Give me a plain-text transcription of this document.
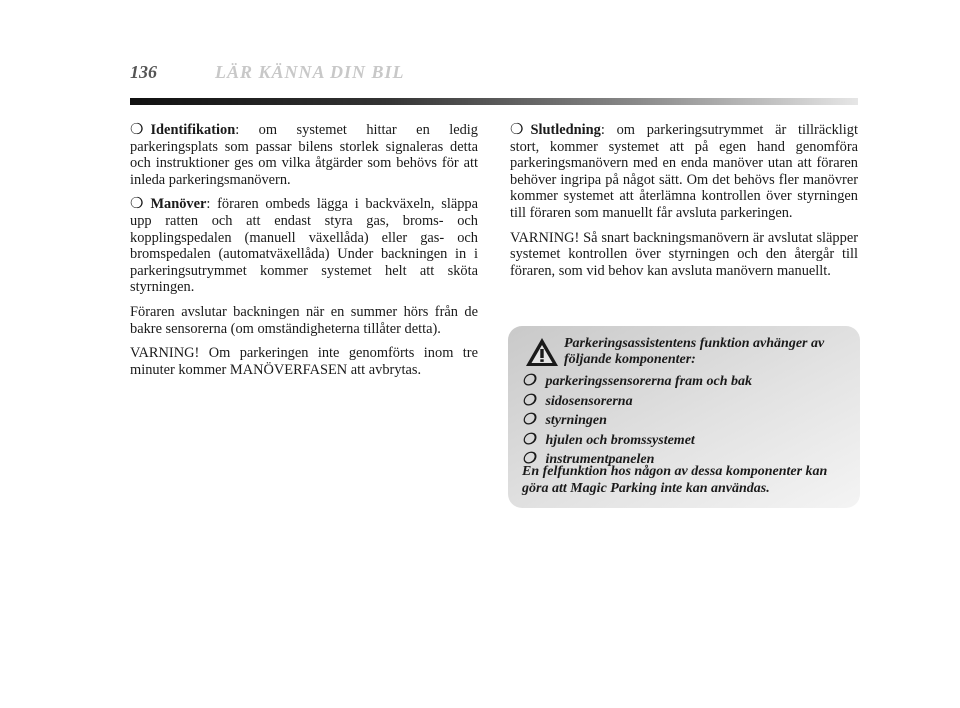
136	LÄR KÄNNA DIN BIL

❍ Identifikation: om systemet hittar en ledig parkeringsplats som passar bilens storlek signaleras detta och instruktioner ges om vilka åtgärder som behövs för att inleda parkeringsmanövern.

❍ Manöver: föraren ombeds lägga i backväxeln, släppa upp ratten och att endast styra gas, broms- och kopplingspedalen (manuell växellåda) eller gas- och bromspedalen (automatväxellåda) Under backningen in i parkeringsutrymmet kommer systemet helt att sköta styrningen.

Föraren avslutar backningen när en summer hörs från de bakre sensorerna (om omständigheterna tillåter detta).

VARNING! Om parkeringen inte genomförts inom tre minuter kommer MANÖVERFASEN att avbrytas.

❍ Slutledning: om parkeringsutrymmet är tillräckligt stort, kommer systemet att på egen hand genomföra parkeringsmanövern med en enda manöver utan att föraren behöver ingripa på något sätt. Om det behövs fler manövrer kommer systemet att återlämna kontrollen över styrningen till föraren som manuellt får avsluta parkeringen.

VARNING! Så snart backningsmanövern är avslutat släpper systemet kontrollen över styrningen och den återgår till föraren, som vid behov kan avsluta manövern manuellt.

Parkeringsassistentens funktion avhänger av följande komponenter:
❍ parkeringssensorerna fram och bak
❍ sidosensorerna
❍ styrningen
❍ hjulen och bromssystemet
❍ instrumentpanelen
En felfunktion hos någon av dessa komponenter kan göra att Magic Parking inte kan användas.
